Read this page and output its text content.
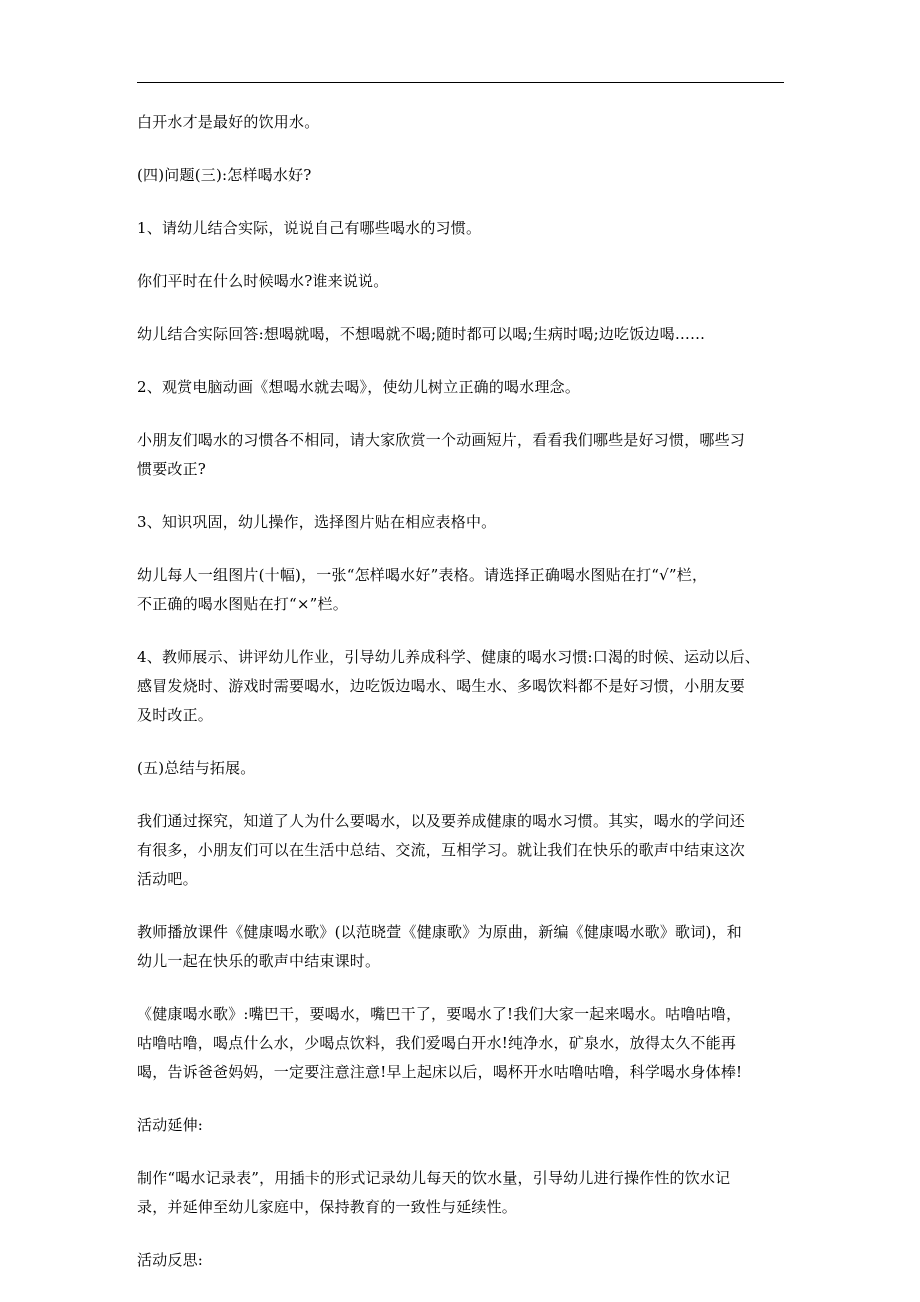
白开水才是最好的饮用水。
(四)问题(三):怎样喝水好?
1、请幼儿结合实际，说说自己有哪些喝水的习惯。
你们平时在什么时候喝水?谁来说说。
幼儿结合实际回答:想喝就喝，不想喝就不喝;随时都可以喝;生病时喝;边吃饭边喝……
2、观赏电脑动画《想喝水就去喝》，使幼儿树立正确的喝水理念。
小朋友们喝水的习惯各不相同，请大家欣赏一个动画短片，看看我们哪些是好习惯，哪些习
惯要改正?
3、知识巩固，幼儿操作，选择图片贴在相应表格中。
幼儿每人一组图片(十幅)，一张“怎样喝水好”表格。请选择正确喝水图贴在打“√”栏，
不正确的喝水图贴在打“×”栏。
4、教师展示、讲评幼儿作业，引导幼儿养成科学、健康的喝水习惯:口渴的时候、运动以后、
感冒发烧时、游戏时需要喝水，边吃饭边喝水、喝生水、多喝饮料都不是好习惯，小朋友要
及时改正。
(五)总结与拓展。
我们通过探究，知道了人为什么要喝水，以及要养成健康的喝水习惯。其实，喝水的学问还
有很多，小朋友们可以在生活中总结、交流，互相学习。就让我们在快乐的歌声中结束这次
活动吧。
教师播放课件《健康喝水歌》(以范晓萱《健康歌》为原曲，新编《健康喝水歌》歌词)，和
幼儿一起在快乐的歌声中结束课时。
《健康喝水歌》:嘴巴干，要喝水，嘴巴干了，要喝水了!我们大家一起来喝水。咕噜咕噜，
咕噜咕噜，喝点什么水，少喝点饮料，我们爱喝白开水!纯净水，矿泉水，放得太久不能再
喝，告诉爸爸妈妈，一定要注意注意!早上起床以后，喝杯开水咕噜咕噜，科学喝水身体棒!
活动延伸:
制作“喝水记录表”，用插卡的形式记录幼儿每天的饮水量，引导幼儿进行操作性的饮水记
录，并延伸至幼儿家庭中，保持教育的一致性与延续性。
活动反思:
